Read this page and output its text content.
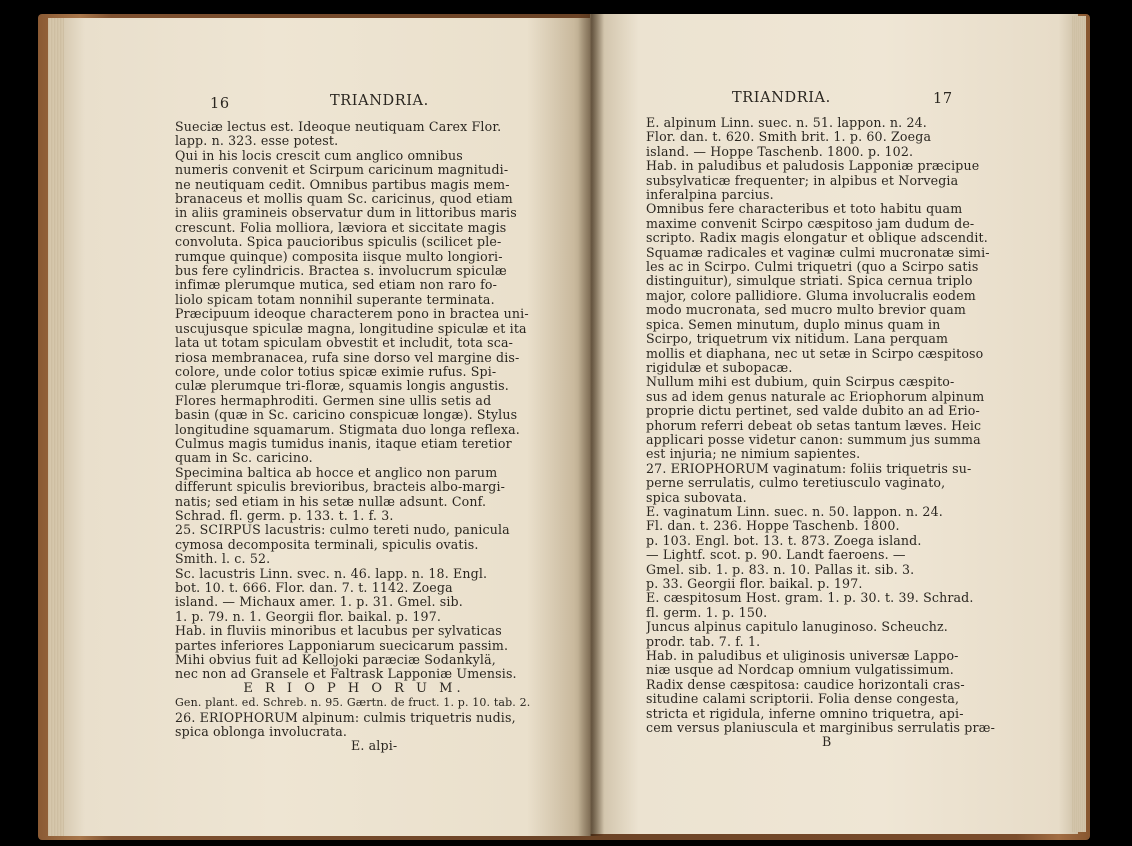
16	TRIANDRIA.	TRIANDRIA.	17
Sueciæ lectus est. Ideoque neutiquam Carex Flor.
lapp. n. 323. esse potest.
Qui in his locis crescit cum anglico omnibus
numeris convenit et Scirpum caricinum magnitudi-
ne neutiquam cedit. Omnibus partibus magis mem-
branaceus et mollis quam Sc. caricinus, quod etiam
in aliis gramineis observatur dum in littoribus maris
crescunt. Folia molliora, læviora et siccitate magis
convoluta. Spica paucioribus spiculis (scilicet ple-
rumque quinque) composita iisque multo longiori-
bus fere cylindricis. Bractea s. involucrum spiculæ
infimæ plerumque mutica, sed etiam non raro fo-
liolo spicam totam nonnihil superante terminata.
Præcipuum ideoque characterem pono in bractea uni-
uscujusque spiculæ magna, longitudine spiculæ et ita
lata ut totam spiculam obvestit et includit, tota sca-
riosa membranacea, rufa sine dorso vel margine dis-
colore, unde color totius spicæ eximie rufus. Spi-
culæ plerumque tri-floræ, squamis longis angustis.
Flores hermaphroditi. Germen sine ullis setis ad
basin (quæ in Sc. caricino conspicuæ longæ). Stylus
longitudine squamarum. Stigmata duo longa reflexa.
Culmus magis tumidus inanis, itaque etiam teretior
quam in Sc. caricino.
Specimina baltica ab hocce et anglico non parum
differunt spiculis brevioribus, bracteis albo-margi-
natis; sed etiam in his setæ nullæ adsunt. Conf.
Schrad. fl. germ. p. 133. t. 1. f. 3.
25. SCIRPUS lacustris: culmo tereti nudo, panicula
cymosa decomposita terminali, spiculis ovatis.
Smith. l. c. 52.
Sc. lacustris Linn. svec. n. 46. lapp. n. 18. Engl.
bot. 10. t. 666. Flor. dan. 7. t. 1142. Zoega
island. — Michaux amer. 1. p. 31. Gmel. sib.
1. p. 79. n. 1. Georgii flor. baikal. p. 197.
Hab. in fluviis minoribus et lacubus per sylvaticas
partes inferiores Lapponiarum suecicarum passim.
Mihi obvius fuit ad Kellojoki paræciæ Sodankylä,
nec non ad Gransele et Faltrask Lapponiæ Umensis.
E R I O P H O R U M.
Gen. plant. ed. Schreb. n. 95. Gærtn. de fruct. 1. p. 10. tab. 2.
26. ERIOPHORUM alpinum: culmis triquetris nudis,
spica oblonga involucrata.
E. alpi-
E. alpinum Linn. suec. n. 51. lappon. n. 24.
Flor. dan. t. 620. Smith brit. 1. p. 60. Zoega
island. — Hoppe Taschenb. 1800. p. 102.
Hab. in paludibus et paludosis Lapponiæ præcipue
subsylvaticæ frequenter; in alpibus et Norvegia
inferalpina parcius.
Omnibus fere characteribus et toto habitu quam
maxime convenit Scirpo cæspitoso jam dudum de-
scripto. Radix magis elongatur et oblique adscendit.
Squamæ radicales et vaginæ culmi mucronatæ simi-
les ac in Scirpo. Culmi triquetri (quo a Scirpo satis
distinguitur), simulque striati. Spica cernua triplo
major, colore pallidiore. Gluma involucralis eodem
modo mucronata, sed mucro multo brevior quam
spica. Semen minutum, duplo minus quam in
Scirpo, triquetrum vix nitidum. Lana perquam
mollis et diaphana, nec ut setæ in Scirpo cæspitoso
rigidulæ et subopacæ.
Nullum mihi est dubium, quin Scirpus cæspito-
sus ad idem genus naturale ac Eriophorum alpinum
proprie dictu pertinet, sed valde dubito an ad Erio-
phorum referri debeat ob setas tantum læves. Heic
applicari posse videtur canon: summum jus summa
est injuria; ne nimium sapientes.
27. ERIOPHORUM vaginatum: foliis triquetris su-
perne serrulatis, culmo teretiusculo vaginato,
spica subovata.
E. vaginatum Linn. suec. n. 50. lappon. n. 24.
Fl. dan. t. 236. Hoppe Taschenb. 1800.
p. 103. Engl. bot. 13. t. 873. Zoega island.
— Lightf. scot. p. 90. Landt faeroens. —
Gmel. sib. 1. p. 83. n. 10. Pallas it. sib. 3.
p. 33. Georgii flor. baikal. p. 197.
E. cæspitosum Host. gram. 1. p. 30. t. 39. Schrad.
fl. germ. 1. p. 150.
Juncus alpinus capitulo lanuginoso. Scheuchz.
prodr. tab. 7. f. 1.
Hab. in paludibus et uliginosis universæ Lappo-
niæ usque ad Nordcap omnium vulgatissimum.
Radix dense cæspitosa: caudice horizontali cras-
situdine calami scriptorii. Folia dense congesta,
stricta et rigidula, inferne omnino triquetra, api-
cem versus planiuscula et marginibus serrulatis præ-
B
